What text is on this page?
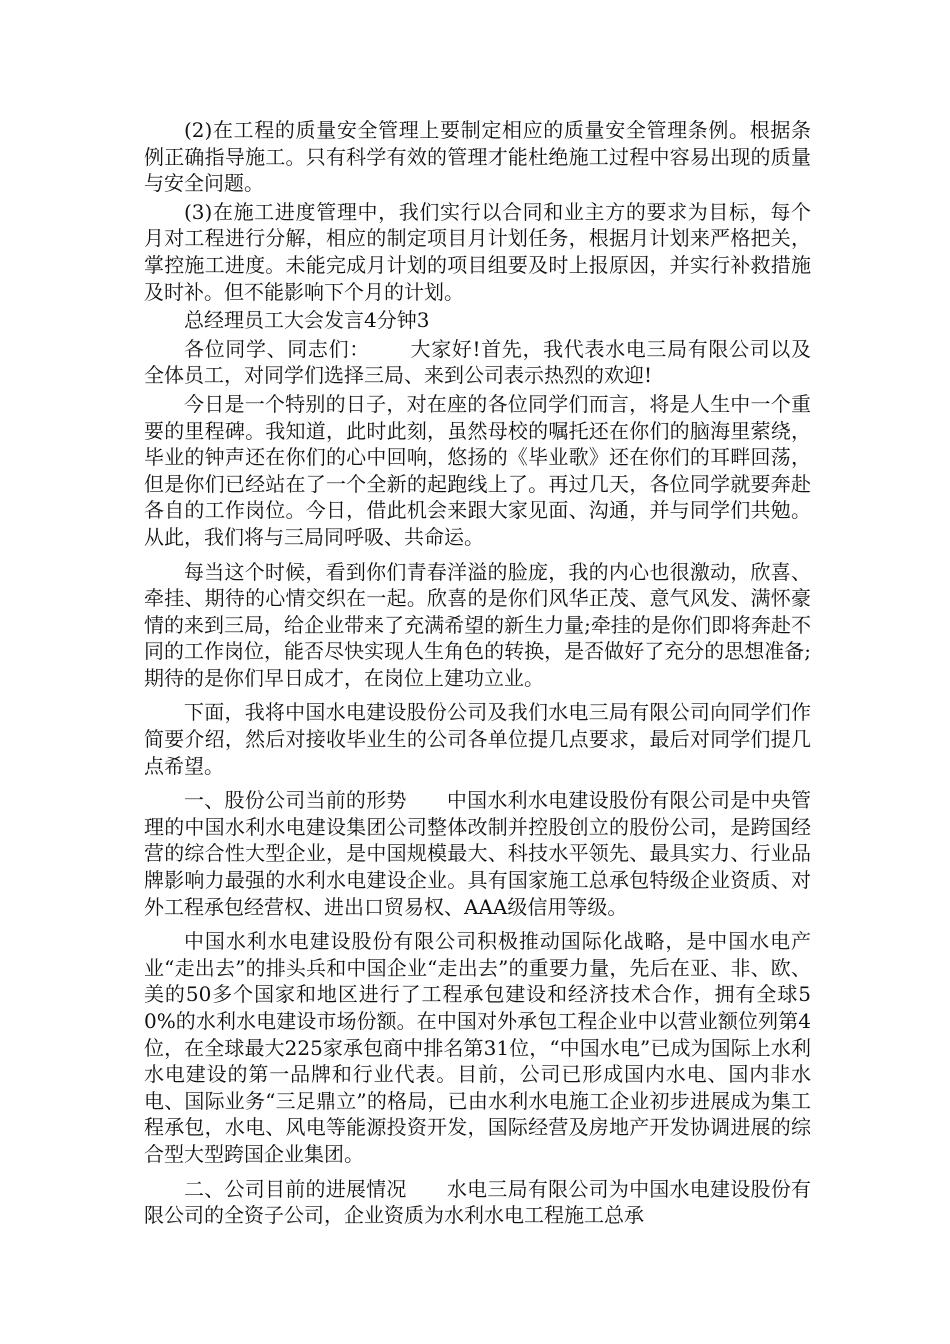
(2)在工程的质量安全管理上要制定相应的质量安全管理条例。根据条例正确指导施工。只有科学有效的管理才能杜绝施工过程中容易出现的质量与安全问题。

(3)在施工进度管理中，我们实行以合同和业主方的要求为目标，每个月对工程进行分解，相应的制定项目月计划任务，根据月计划来严格把关，掌控施工进度。未能完成月计划的项目组要及时上报原因，并实行补救措施及时补。但不能影响下个月的计划。

总经理员工大会发言4分钟3

各位同学、同志们： 大家好!首先，我代表水电三局有限公司以及全体员工，对同学们选择三局、来到公司表示热烈的欢迎!

今日是一个特别的日子，对在座的各位同学们而言，将是人生中一个重要的里程碑。我知道，此时此刻，虽然母校的嘱托还在你们的脑海里萦绕，毕业的钟声还在你们的心中回响，悠扬的《毕业歌》还在你们的耳畔回荡，但是你们已经站在了一个全新的起跑线上了。再过几天，各位同学就要奔赴各自的工作岗位。今日，借此机会来跟大家见面、沟通，并与同学们共勉。从此，我们将与三局同呼吸、共命运。

每当这个时候，看到你们青春洋溢的脸庞，我的内心也很激动，欣喜、牵挂、期待的心情交织在一起。欣喜的是你们风华正茂、意气风发、满怀豪情的来到三局，给企业带来了充满希望的新生力量;牵挂的是你们即将奔赴不同的工作岗位，能否尽快实现人生角色的转换，是否做好了充分的思想准备;期待的是你们早日成才，在岗位上建功立业。

下面，我将中国水电建设股份公司及我们水电三局有限公司向同学们作简要介绍，然后对接收毕业生的公司各单位提几点要求，最后对同学们提几点希望。

一、股份公司当前的形势 中国水利水电建设股份有限公司是中央管理的中国水利水电建设集团公司整体改制并控股创立的股份公司，是跨国经营的综合性大型企业，是中国规模最大、科技水平领先、最具实力、行业品牌影响力最强的水利水电建设企业。具有国家施工总承包特级企业资质、对外工程承包经营权、进出口贸易权、AAA级信用等级。

中国水利水电建设股份有限公司积极推动国际化战略，是中国水电产业“走出去”的排头兵和中国企业“走出去”的重要力量，先后在亚、非、欧、美的50多个国家和地区进行了工程承包建设和经济技术合作，拥有全球50%的水利水电建设市场份额。在中国对外承包工程企业中以营业额位列第4位，在全球最大225家承包商中排名第31位，“中国水电”已成为国际上水利水电建设的第一品牌和行业代表。目前，公司已形成国内水电、国内非水电、国际业务“三足鼎立”的格局，已由水利水电施工企业初步进展成为集工程承包，水电、风电等能源投资开发，国际经营及房地产开发协调进展的综合型大型跨国企业集团。

二、公司目前的进展情况 水电三局有限公司为中国水电建设股份有限公司的全资子公司，企业资质为水利水电工程施工总承
